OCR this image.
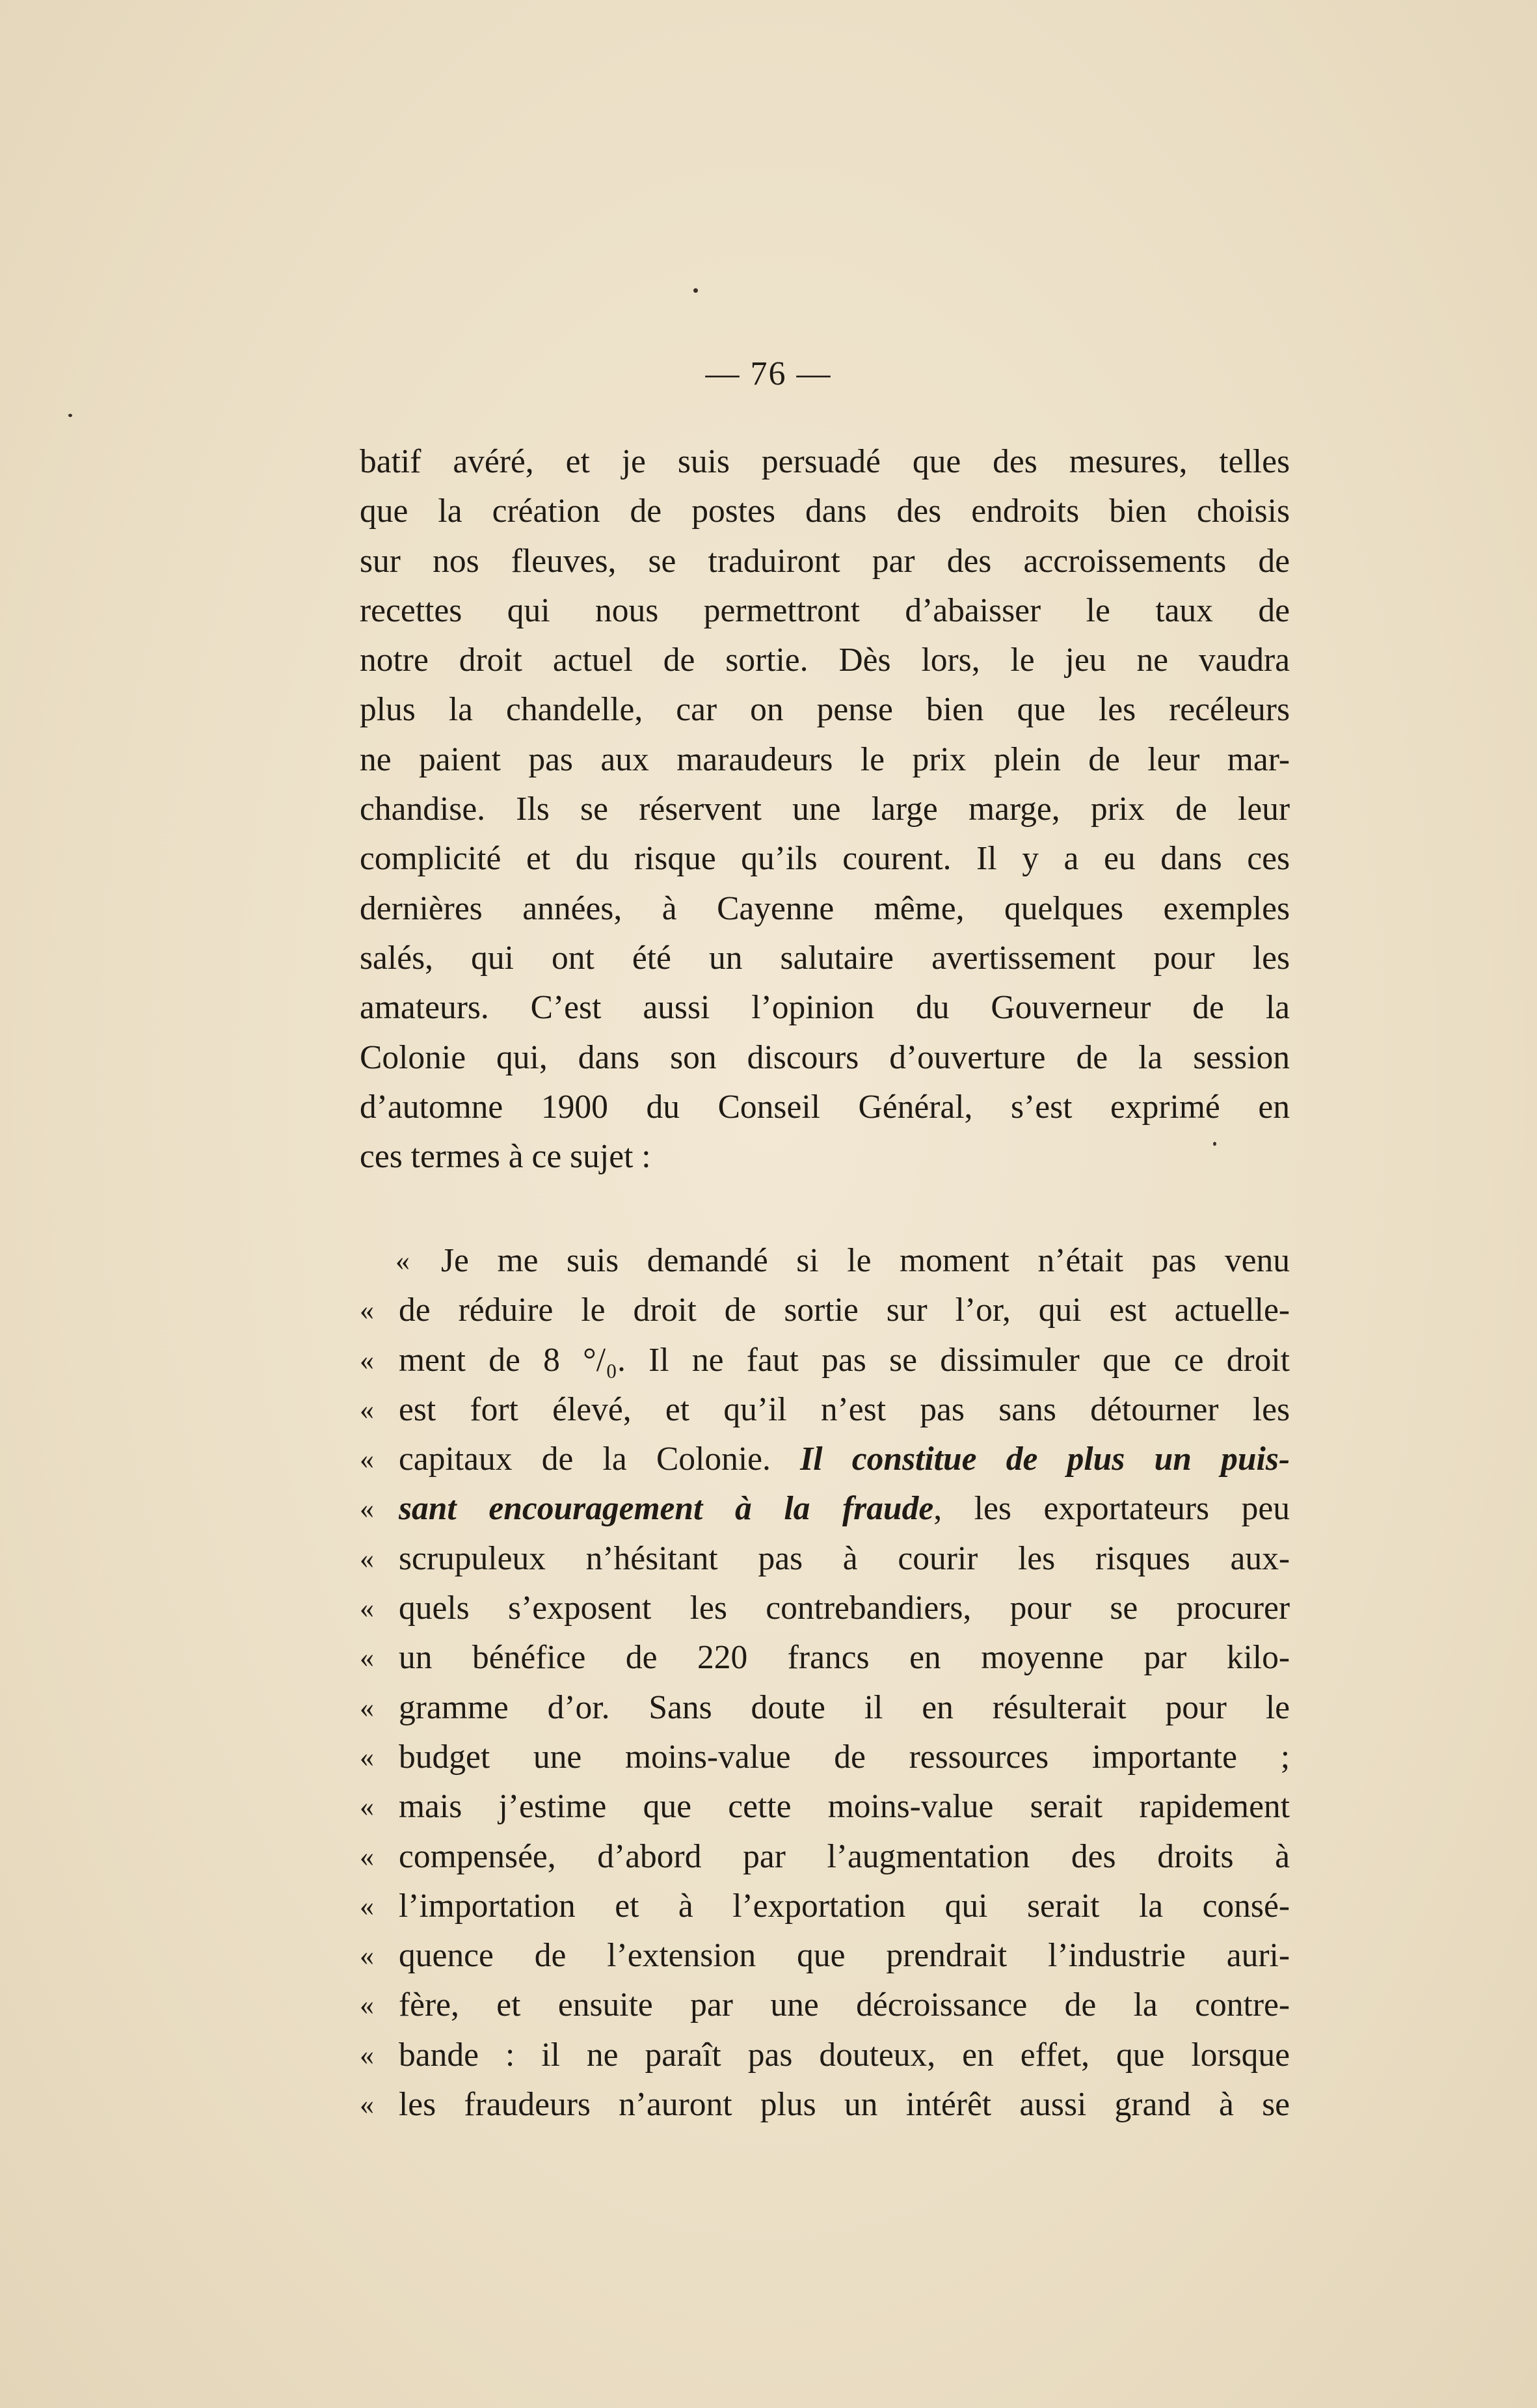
— 76 —
batif avéré, et je suis persuadé que des mesures, telles
que la création de postes dans des endroits bien choisis
sur nos fleuves, se traduiront par des accroissements de
recettes qui nous permettront d’abaisser le taux de
notre droit actuel de sortie. Dès lors, le jeu ne vaudra
plus la chandelle, car on pense bien que les recéleurs
ne paient pas aux maraudeurs le prix plein de leur mar-
chandise. Ils se réservent une large marge, prix de leur
complicité et du risque qu’ils courent. Il y a eu dans ces
dernières années, à Cayenne même, quelques exemples
salés, qui ont été un salutaire avertissement pour les
amateurs. C’est aussi l’opinion du Gouverneur de la
Colonie qui, dans son discours d’ouverture de la session
d’automne 1900 du Conseil Général, s’est exprimé en
ces termes à ce sujet :
« Je me suis demandé si le moment n’était pas venu
« de réduire le droit de sortie sur l’or, qui est actuelle-
« ment de 8 °/₀. Il ne faut pas se dissimuler que ce droit
« est fort élevé, et qu’il n’est pas sans détourner les
« capitaux de la Colonie. Il constitue de plus un puis-
« sant encouragement à la fraude, les exportateurs peu
« scrupuleux n’hésitant pas à courir les risques aux-
« quels s’exposent les contrebandiers, pour se procurer
« un bénéfice de 220 francs en moyenne par kilo-
« gramme d’or. Sans doute il en résulterait pour le
« budget une moins-value de ressources importante ;
« mais j’estime que cette moins-value serait rapidement
« compensée, d’abord par l’augmentation des droits à
« l’importation et à l’exportation qui serait la consé-
« quence de l’extension que prendrait l’industrie auri-
« fère, et ensuite par une décroissance de la contre-
« bande : il ne paraît pas douteux, en effet, que lorsque
« les fraudeurs n’auront plus un intérêt aussi grand à se
